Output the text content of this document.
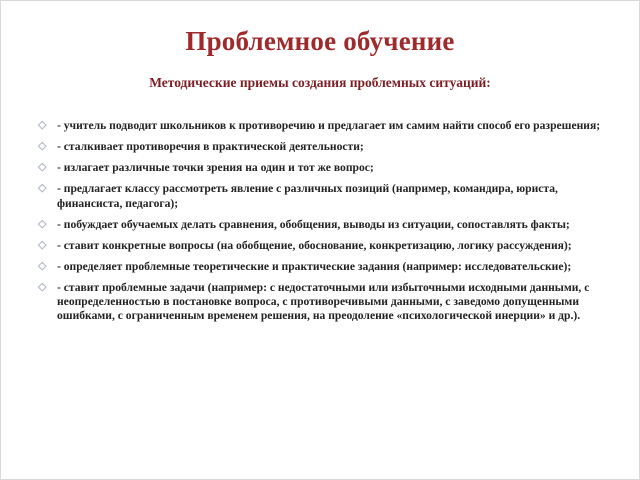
Проблемное обучение
Методические приемы создания проблемных ситуаций:
◇
- учитель подводит школьников к противоречию и предлагает им самим найти способ его разрешения;
◇
- сталкивает противоречия в практической деятельности;
◇
- излагает различные точки зрения на один и тот же вопрос;
◇
- предлагает классу рассмотреть явление с различных позиций (например, командира, юриста, финансиста, педагога);
◇
- побуждает обучаемых делать сравнения, обобщения, выводы из ситуации, сопоставлять факты;
◇
- ставит конкретные вопросы (на обобщение, обоснование, конкретизацию, логику рассуждения);
◇
- определяет проблемные теоретические и практические задания (например: исследовательские);
◇
- ставит проблемные задачи (например: с недостаточными или избыточными исходными данными, с неопределенностью в постановке вопроса, с противоречивыми данными, с заведомо допущенными ошибками, с ограниченным временем решения, на преодоление «психологической инерции» и др.).
